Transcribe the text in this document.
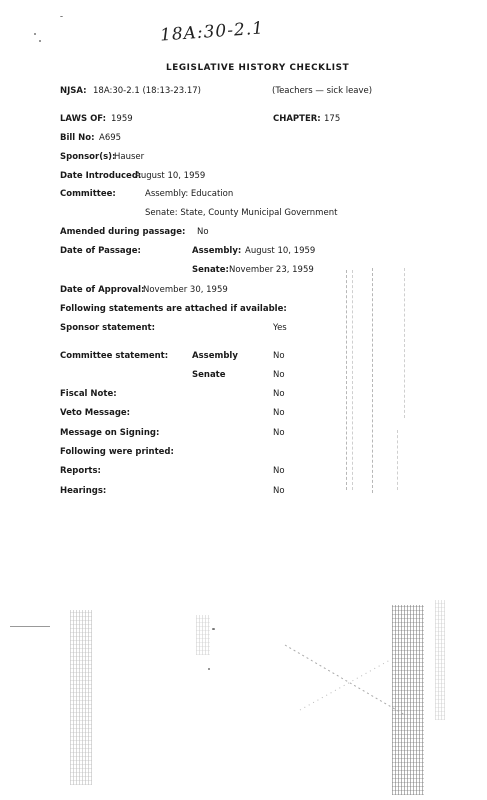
18A:30-2.1
LEGISLATIVE HISTORY CHECKLIST
NJSA: 18A:30-2.1 (18:13-23.17)	(Teachers — sick leave)
LAWS OF: 1959	CHAPTER: 175
Bill No: A695
Sponsor(s):
Hauser
Date Introduced:
August 10, 1959
Committee:	Assembly: Education
Senate: State, County Municipal Government
Amended during passage: No
Date of Passage:	Assembly: August 10, 1959
Senate: November 23, 1959
Date of Approval:
November 30, 1959
Following statements are attached if available:
Sponsor statement:	Yes
Committee statement:	Assembly	No
Senate	No
Fiscal Note:	No
Veto Message:	No
Message on Signing:	No
Following were printed:
Reports:	No
Hearings:	No
